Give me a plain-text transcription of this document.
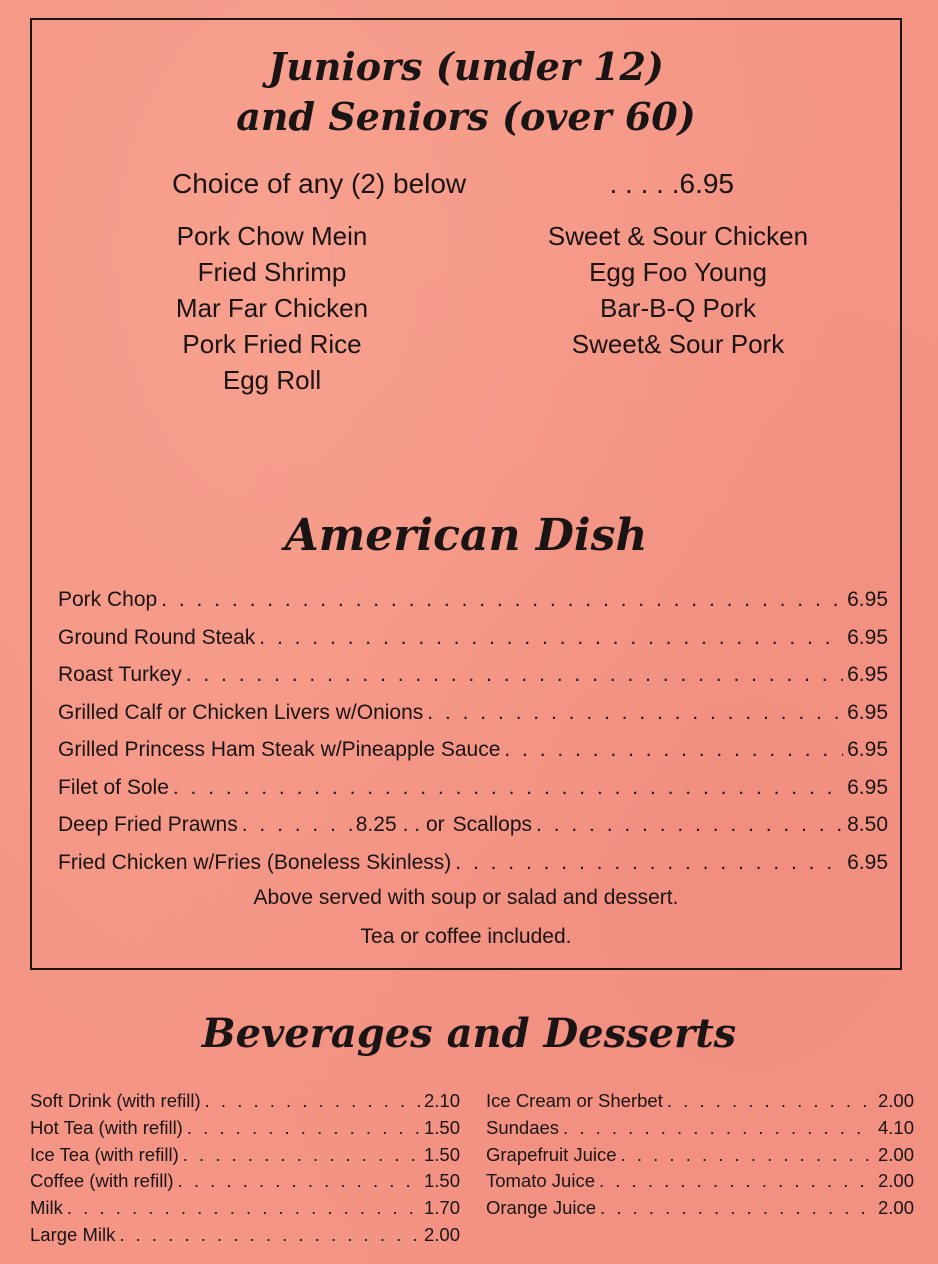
Juniors (under 12)
and Seniors (over 60)
Choice of any (2) below	. . . . .6.95
Pork Chow Mein
Fried Shrimp
Mar Far Chicken
Pork Fried Rice
Egg Roll
Sweet & Sour Chicken
Egg Foo Young
Bar-B-Q Pork
Sweet& Sour Pork
American Dish
Pork Chop . . .	6.95
Ground Round Steak . . .	6.95
Roast Turkey . . .	6.95
Grilled Calf or Chicken Livers w/Onions . . .	6.95
Grilled Princess Ham Steak w/Pineapple Sauce . . .	6.95
Filet of Sole . . .	6.95
Deep Fried Prawns . . .	8.25 . . or Scallops . . .	8.50
Fried Chicken w/Fries (Boneless Skinless) . . .	6.95
Above served with soup or salad and dessert.
Tea or coffee included.
Beverages and Desserts
Soft Drink (with refill) . . .	2.10
Hot Tea (with refill) . . .	1.50
Ice Tea (with refill) . . .	1.50
Coffee (with refill) . . .	1.50
Milk . . .	1.70
Large Milk . . .	2.00
Ice Cream or Sherbet . . .	2.00
Sundaes . . .	4.10
Grapefruit Juice . . .	2.00
Tomato Juice . . .	2.00
Orange Juice . . .	2.00
